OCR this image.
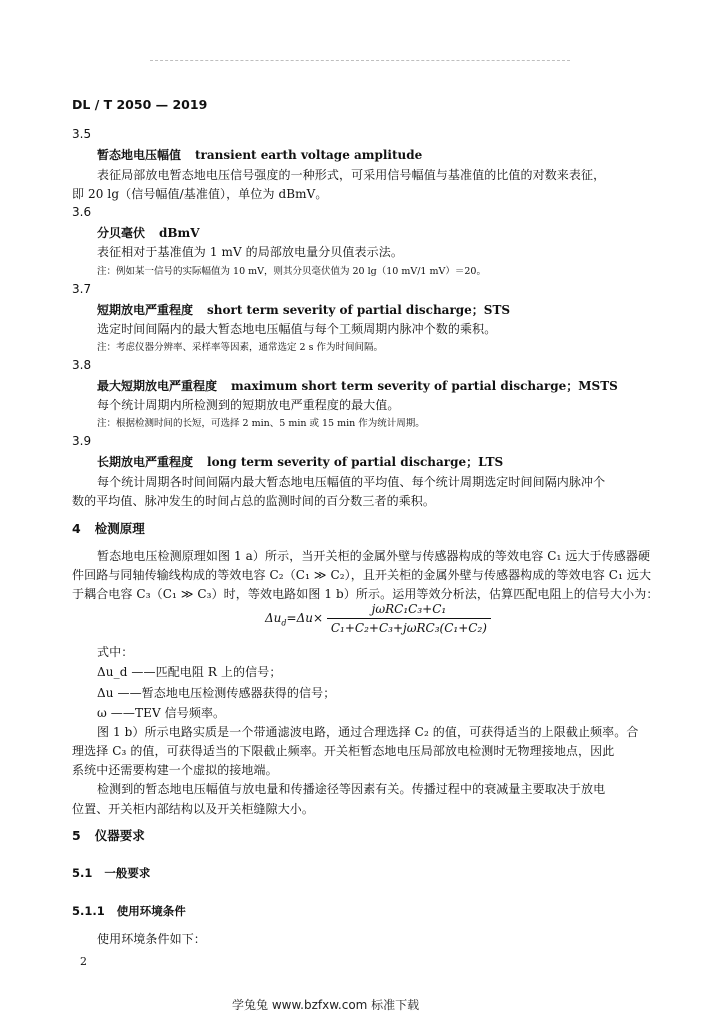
DL / T 2050 — 2019
3.5
暂态地电压幅值 transient earth voltage amplitude
表征局部放电暂态地电压信号强度的一种形式，可采用信号幅值与基准值的比值的对数来表征，
即 20 lg（信号幅值/基准值），单位为 dBmV。
3.6
分贝毫伏 dBmV
表征相对于基准值为 1 mV 的局部放电量分贝值表示法。
注：例如某一信号的实际幅值为 10 mV，则其分贝毫伏值为 20 lg（10 mV/1 mV）＝20。
3.7
短期放电严重程度 short term severity of partial discharge；STS
选定时间间隔内的最大暂态地电压幅值与每个工频周期内脉冲个数的乘积。
注：考虑仪器分辨率、采样率等因素，通常选定 2 s 作为时间间隔。
3.8
最大短期放电严重程度 maximum short term severity of partial discharge；MSTS
每个统计周期内所检测到的短期放电严重程度的最大值。
注：根据检测时间的长短，可选择 2 min、5 min 或 15 min 作为统计周期。
3.9
长期放电严重程度 long term severity of partial discharge；LTS
每个统计周期各时间间隔内最大暂态地电压幅值的平均值、每个统计周期选定时间间隔内脉冲个
数的平均值、脉冲发生的时间占总的监测时间的百分数三者的乘积。
4 检测原理
暂态地电压检测原理如图 1 a）所示，当开关柜的金属外壁与传感器构成的等效电容 C₁ 远大于传感器硬
件回路与同轴传输线构成的等效电容 C₂（C₁ ≫ C₂），且开关柜的金属外壁与传感器构成的等效电容 C₁ 远大
于耦合电容 C₃（C₁ ≫ C₃）时，等效电路如图 1 b）所示。运用等效分析法，估算匹配电阻上的信号大小为：
$\Delta u_d=\Delta u\times \frac{\text{jωRC₁C₃+C₁}}{\text{C₁+C₂+C₃+jωRC₃(C₁+C₂)}}$
式中：
Δu_d ——匹配电阻 R 上的信号；
Δu ——暂态地电压检测传感器获得的信号；
ω ——TEV 信号频率。
图 1 b）所示电路实质是一个带通滤波电路，通过合理选择 C₂ 的值，可获得适当的上限截止频率。合
理选择 C₃ 的值，可获得适当的下限截止频率。开关柜暂态地电压局部放电检测时无物理接地点，因此
系统中还需要构建一个虚拟的接地端。
检测到的暂态地电压幅值与放电量和传播途径等因素有关。传播过程中的衰减量主要取决于放电
位置、开关柜内部结构以及开关柜缝隙大小。
5 仪器要求
5.1 一般要求
5.1.1 使用环境条件
使用环境条件如下：
2
学兔兔 www.bzfxw.com 标准下载
